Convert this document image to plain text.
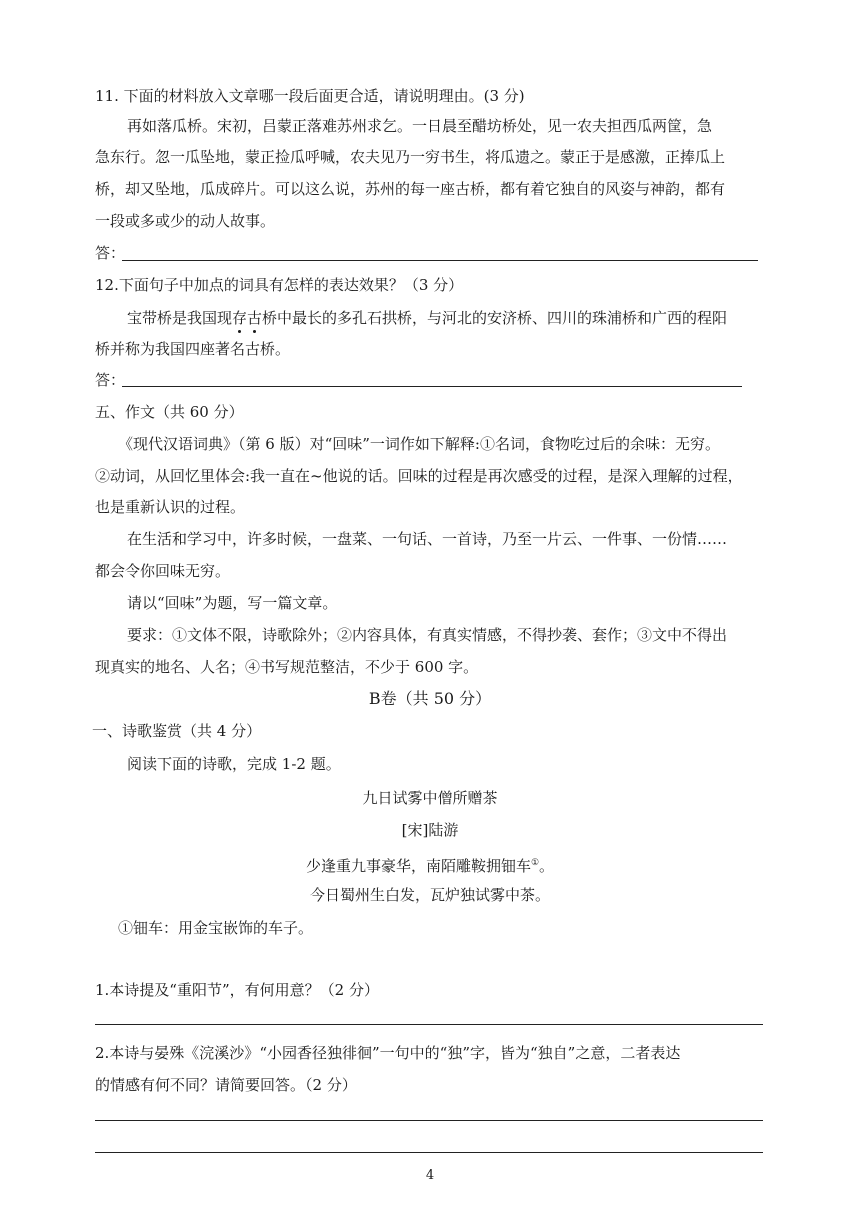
11. 下面的材料放入文章哪一段后面更合适，请说明理由。(3 分)
再如落瓜桥。宋初，吕蒙正落难苏州求乞。一日晨至醋坊桥处，见一农夫担西瓜两筐，急
急东行。忽一瓜坠地，蒙正捡瓜呼喊，农夫见乃一穷书生，将瓜遗之。蒙正于是感激，正捧瓜上
桥，却又坠地，瓜成碎片。可以这么说，苏州的每一座古桥，都有着它独自的风姿与神韵，都有
一段或多或少的动人故事。
答：
12.下面句子中加点的词具有怎样的表达效果？（3 分）
宝带桥是我国现存古桥中最长的多孔石拱桥，与河北的安济桥、四川的珠浦桥和广西的程阳
桥并称为我国四座著名古桥。
答：
五、作文（共 60 分）
《现代汉语词典》（第 6 版）对“回味”一词作如下解释:①名词，食物吃过后的余味：无穷。
②动词，从回忆里体会:我一直在~他说的话。回味的过程是再次感受的过程，是深入理解的过程，
也是重新认识的过程。
在生活和学习中，许多时候，一盘菜、一句话、一首诗，乃至一片云、一件事、一份情……
都会令你回味无穷。
请以“回味”为题，写一篇文章。
要求：①文体不限，诗歌除外；②内容具体，有真实情感，不得抄袭、套作；③文中不得出
现真实的地名、人名；④书写规范整洁，不少于 600 字。
B卷（共 50 分）
一、诗歌鉴赏（共 4 分）
阅读下面的诗歌，完成 1-2 题。
九日试雾中僧所赠茶
[宋]陆游
少逢重九事豪华，南陌雕鞍拥钿车①。
今日蜀州生白发，瓦炉独试雾中茶。
①钿车：用金宝嵌饰的车子。
1.本诗提及“重阳节”，有何用意？（2 分）
2.本诗与晏殊《浣溪沙》“小园香径独徘徊”一句中的“独”字，皆为“独自”之意，二者表达
的情感有何不同？请简要回答。（2 分）
4
